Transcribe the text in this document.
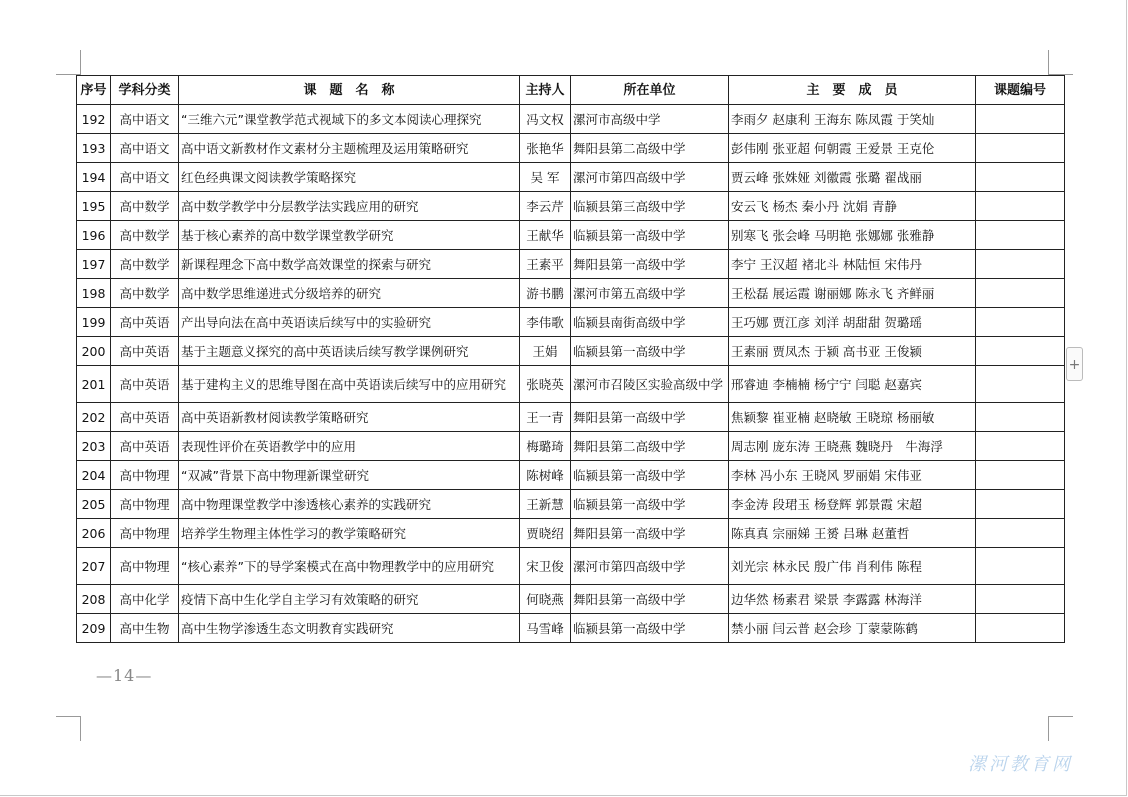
序号	学科分类	课　题　名　称	主持人	所在单位	主　要　成　员	课题编号
192	高中语文	“三维六元”课堂教学范式视域下的多文本阅读心理探究	冯文权	漯河市高级中学	李雨夕 赵康利 王海东 陈凤霞 于笑灿	
193	高中语文	高中语文新教材作文素材分主题梳理及运用策略研究	张艳华	舞阳县第二高级中学	彭伟刚 张亚超 何朝霞 王爱景 王克伦	
194	高中语文	红色经典课文阅读教学策略探究	吴 军	漯河市第四高级中学	贾云峰 张姝娅 刘徽霞 张璐 翟战丽	
195	高中数学	高中数学教学中分层教学法实践应用的研究	李云芹	临颍县第三高级中学	安云飞 杨杰 秦小丹 沈娟 青静	
196	高中数学	基于核心素养的高中数学课堂教学研究	王献华	临颍县第一高级中学	别寒飞 张会峰 马明艳 张娜娜 张雅静	
197	高中数学	新课程理念下高中数学高效课堂的探索与研究	王素平	舞阳县第一高级中学	李宁 王汉超 褚北斗 林陆恒 宋伟丹	
198	高中数学	高中数学思维递进式分级培养的研究	游书鹏	漯河市第五高级中学	王松磊 展运霞 谢丽娜 陈永飞 齐鲜丽	
199	高中英语	产出导向法在高中英语读后续写中的实验研究	李伟歌	临颍县南街高级中学	王巧娜 贾江彦 刘洋 胡甜甜 贺璐瑶	
200	高中英语	基于主题意义探究的高中英语读后续写教学课例研究	王娟	临颍县第一高级中学	王素丽 贾凤杰 于颍 高书亚 王俊颍	
201	高中英语	基于建构主义的思维导图在高中英语读后续写中的应用研究	张晓英	漯河市召陵区实验高级中学	邢睿迪 李楠楠 杨宁宁 闫聪 赵嘉宾	
202	高中英语	高中英语新教材阅读教学策略研究	王一青	舞阳县第一高级中学	焦颖黎 崔亚楠 赵晓敏 王晓琼 杨丽敏	
203	高中英语	表现性评价在英语教学中的应用	梅璐琦	舞阳县第二高级中学	周志刚 庞东涛 王晓燕 魏晓丹　牛海浮	
204	高中物理	“双减”背景下高中物理新课堂研究	陈树峰	临颍县第一高级中学	李林 冯小东 王晓风 罗丽娟 宋伟亚	
205	高中物理	高中物理课堂教学中渗透核心素养的实践研究	王新慧	临颍县第一高级中学	李金涛 段珺玉 杨登辉 郭景霞 宋超	
206	高中物理	培养学生物理主体性学习的教学策略研究	贾晓绍	舞阳县第一高级中学	陈真真 宗丽娣 王赟 吕琳 赵董哲	
207	高中物理	“核心素养”下的导学案模式在高中物理教学中的应用研究	宋卫俊	漯河市第四高级中学	刘光宗 林永民 殷广伟 肖利伟 陈程	
208	高中化学	疫情下高中生化学自主学习有效策略的研究	何晓燕	舞阳县第一高级中学	边华然 杨素君 梁景 李露露 林海洋	
209	高中生物	高中生物学渗透生态文明教育实践研究	马雪峰	临颍县第一高级中学	禁小丽 闫云普 赵会珍 丁蒙蒙陈鹤	
—14—
+
漯河教育网
